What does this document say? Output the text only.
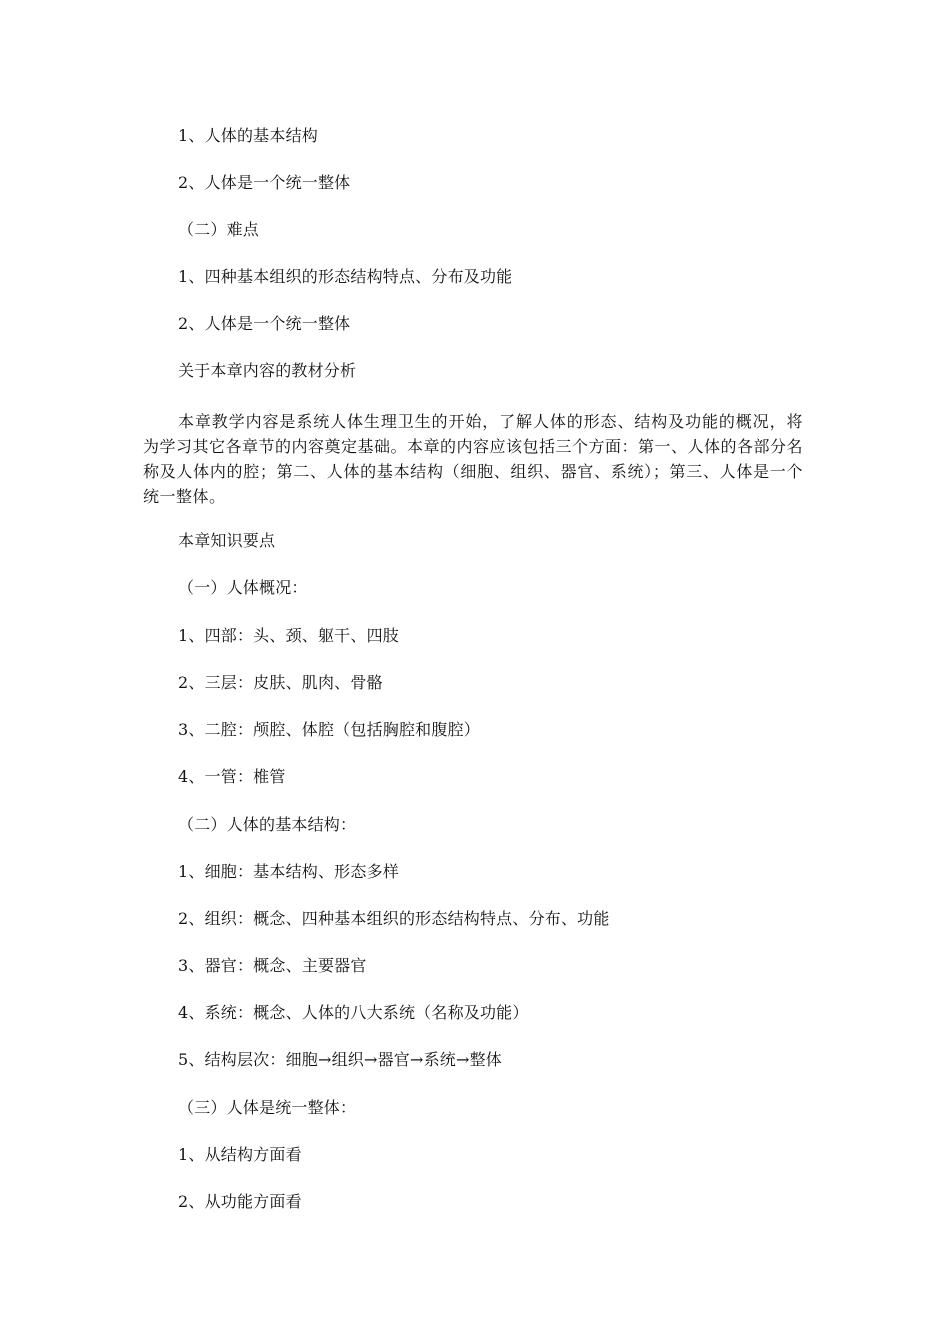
1、人体的基本结构
2、人体是一个统一整体
（二）难点
1、四种基本组织的形态结构特点、分布及功能
2、人体是一个统一整体
关于本章内容的教材分析
本章教学内容是系统人体生理卫生的开始，了解人体的形态、结构及功能的概况，将为学习其它各章节的内容奠定基础。本章的内容应该包括三个方面：第一、人体的各部分名称及人体内的腔；第二、人体的基本结构（细胞、组织、器官、系统）；第三、人体是一个统一整体。
本章知识要点
（一）人体概况：
1、四部：头、颈、躯干、四肢
2、三层：皮肤、肌肉、骨骼
3、二腔：颅腔、体腔（包括胸腔和腹腔）
4、一管：椎管
（二）人体的基本结构：
1、细胞：基本结构、形态多样
2、组织：概念、四种基本组织的形态结构特点、分布、功能
3、器官：概念、主要器官
4、系统：概念、人体的八大系统（名称及功能）
5、结构层次：细胞→组织→器官→系统→整体
（三）人体是统一整体：
1、从结构方面看
2、从功能方面看
